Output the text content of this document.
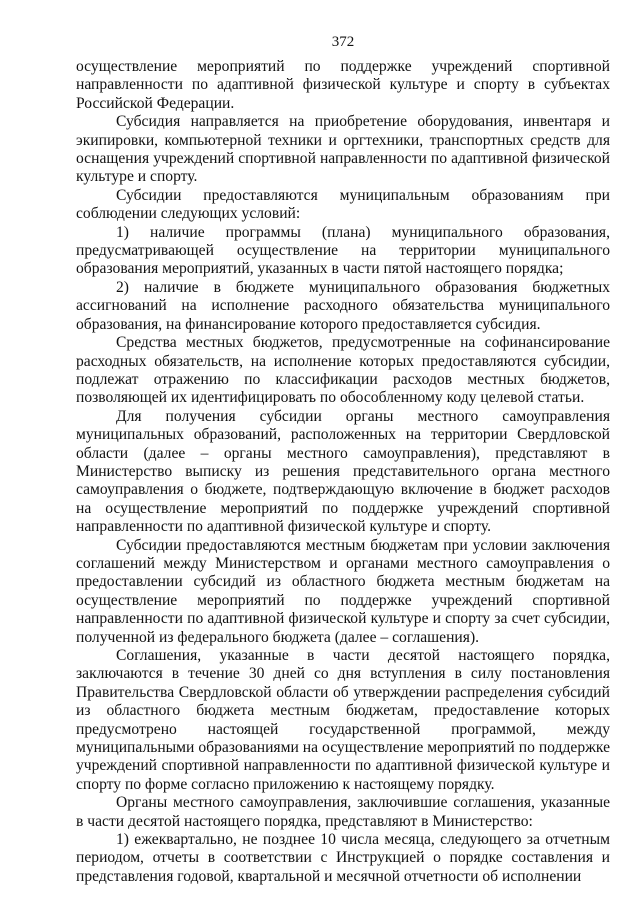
372

осуществление мероприятий по поддержке учреждений спортивной направленности по адаптивной физической культуре и спорту в субъектах Российской Федерации.

Субсидия направляется на приобретение оборудования, инвентаря и экипировки, компьютерной техники и оргтехники, транспортных средств для оснащения учреждений спортивной направленности по адаптивной физической культуре и спорту.

Субсидии предоставляются муниципальным образованиям при соблюдении следующих условий:

1) наличие программы (плана) муниципального образования, предусматривающей осуществление на территории муниципального образования мероприятий, указанных в части пятой настоящего порядка;

2) наличие в бюджете муниципального образования бюджетных ассигнований на исполнение расходного обязательства муниципального образования, на финансирование которого предоставляется субсидия.

Средства местных бюджетов, предусмотренные на софинансирование расходных обязательств, на исполнение которых предоставляются субсидии, подлежат отражению по классификации расходов местных бюджетов, позволяющей их идентифицировать по обособленному коду целевой статьи.

Для получения субсидии органы местного самоуправления муниципальных образований, расположенных на территории Свердловской области (далее – органы местного самоуправления), представляют в Министерство выписку из решения представительного органа местного самоуправления о бюджете, подтверждающую включение в бюджет расходов на осуществление мероприятий по поддержке учреждений спортивной направленности по адаптивной физической культуре и спорту.

Субсидии предоставляются местным бюджетам при условии заключения соглашений между Министерством и органами местного самоуправления о предоставлении субсидий из областного бюджета местным бюджетам на осуществление мероприятий по поддержке учреждений спортивной направленности по адаптивной физической культуре и спорту за счет субсидии, полученной из федерального бюджета (далее – соглашения).

Соглашения, указанные в части десятой настоящего порядка, заключаются в течение 30 дней со дня вступления в силу постановления Правительства Свердловской области об утверждении распределения субсидий из областного бюджета местным бюджетам, предоставление которых предусмотрено настоящей государственной программой, между муниципальными образованиями на осуществление мероприятий по поддержке учреждений спортивной направленности по адаптивной физической культуре и спорту по форме согласно приложению к настоящему порядку.

Органы местного самоуправления, заключившие соглашения, указанные в части десятой настоящего порядка, представляют в Министерство:

1) ежеквартально, не позднее 10 числа месяца, следующего за отчетным периодом, отчеты в соответствии с Инструкцией о порядке составления и представления годовой, квартальной и месячной отчетности об исполнении
